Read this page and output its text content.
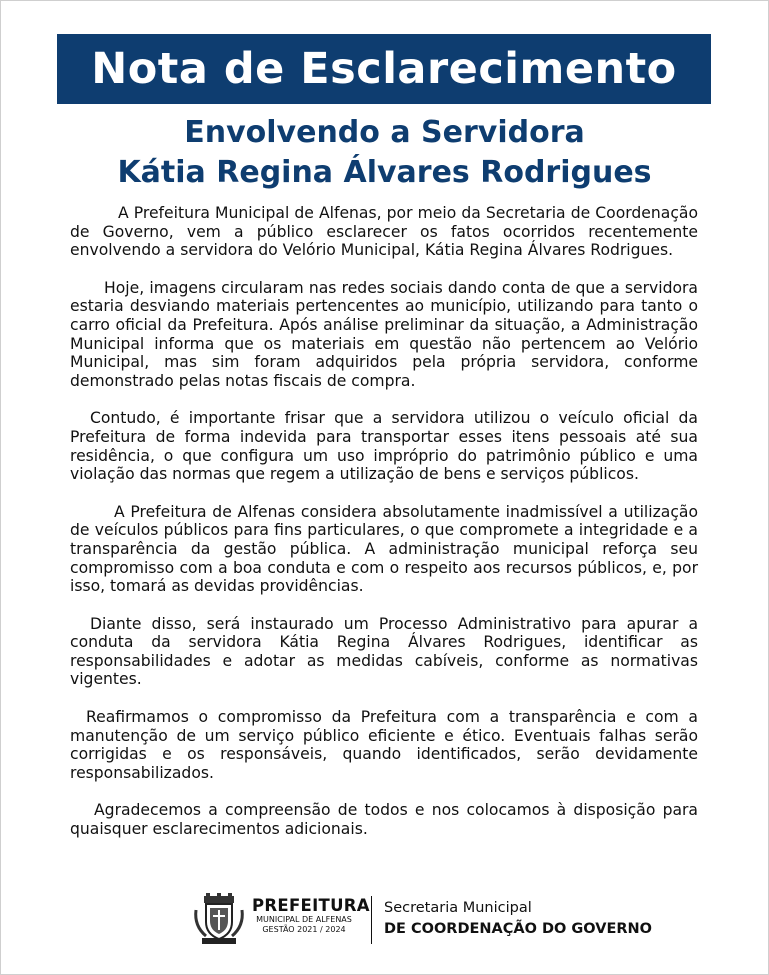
Nota de Esclarecimento
Envolvendo a Servidora
Kátia Regina Álvares Rodrigues

A Prefeitura Municipal de Alfenas, por meio da Secretaria de Coordenação de Governo, vem a público esclarecer os fatos ocorridos recentemente envolvendo a servidora do Velório Municipal, Kátia Regina Álvares Rodrigues.

Hoje, imagens circularam nas redes sociais dando conta de que a servidora estaria desviando materiais pertencentes ao município, utilizando para tanto o carro oficial da Prefeitura. Após análise preliminar da situação, a Administração Municipal informa que os materiais em questão não pertencem ao Velório Municipal, mas sim foram adquiridos pela própria servidora, conforme demonstrado pelas notas fiscais de compra.

Contudo, é importante frisar que a servidora utilizou o veículo oficial da Prefeitura de forma indevida para transportar esses itens pessoais até sua residência, o que configura um uso impróprio do patrimônio público e uma violação das normas que regem a utilização de bens e serviços públicos.

A Prefeitura de Alfenas considera absolutamente inadmissível a utilização de veículos públicos para fins particulares, o que compromete a integridade e a transparência da gestão pública. A administração municipal reforça seu compromisso com a boa conduta e com o respeito aos recursos públicos, e, por isso, tomará as devidas providências.

Diante disso, será instaurado um Processo Administrativo para apurar a conduta da servidora Kátia Regina Álvares Rodrigues, identificar as responsabilidades e adotar as medidas cabíveis, conforme as normativas vigentes.

Reafirmamos o compromisso da Prefeitura com a transparência e com a manutenção de um serviço público eficiente e ético. Eventuais falhas serão corrigidas e os responsáveis, quando identificados, serão devidamente responsabilizados.

Agradecemos a compreensão de todos e nos colocamos à disposição para quaisquer esclarecimentos adicionais.

PREFEITURA
MUNICIPAL DE ALFENAS
GESTÃO 2021 / 2024
Secretaria Municipal
DE COORDENAÇÃO DO GOVERNO
